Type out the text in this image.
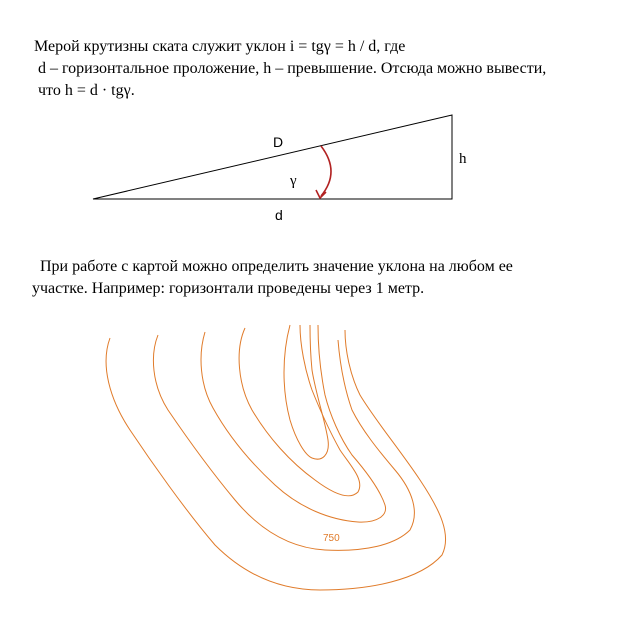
Мерой крутизны ската служит уклон i = tgγ = h / d, где
d – горизонтальное проложение, h – превышение. Отсюда можно вывести,
что h = d · tgγ.
D
h
d
γ
750
При работе с картой можно определить значение уклона на любом ее
участке. Например: горизонтали проведены через 1 метр.
